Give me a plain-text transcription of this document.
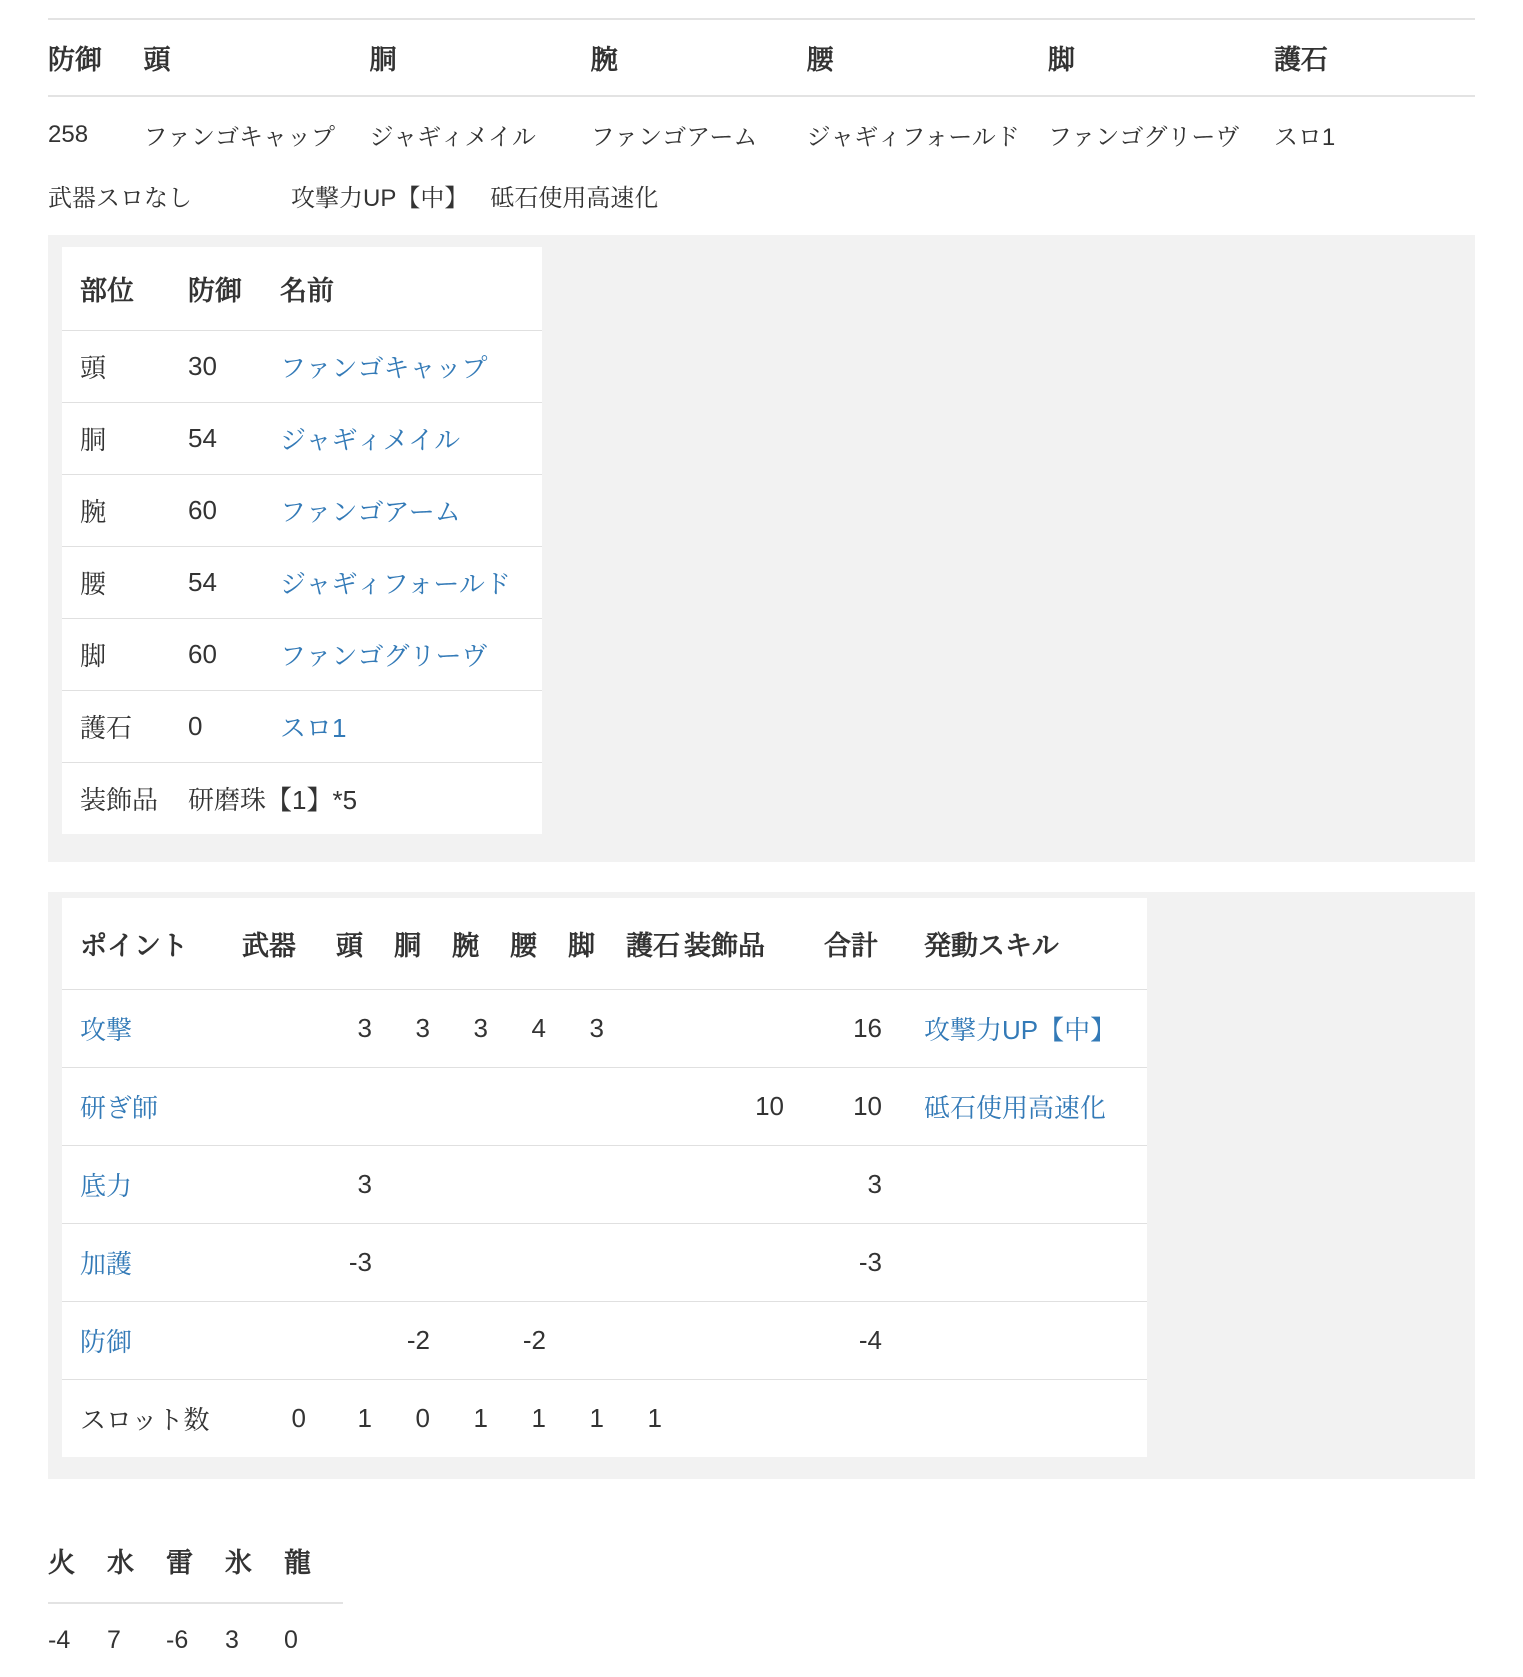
防御	頭	胴	腕	腰	脚	護石
258	ファンゴキャップ	ジャギィメイル	ファンゴアーム	ジャギィフォールド	ファンゴグリーヴ	スロ1
武器スロなし	攻撃力UP【中】 砥石使用高速化
部位	防御	名前
頭	30	ファンゴキャップ
胴	54	ジャギィメイル
腕	60	ファンゴアーム
腰	54	ジャギィフォールド
脚	60	ファンゴグリーヴ
護石	0	スロ1
装飾品	研磨珠【1】*5	
ポイント	武器	頭	胴	腕	腰	脚	護石	装飾品	合計	発動スキル
攻撃		3	3	3	4	3			16	攻撃力UP【中】
研ぎ師								10	10	砥石使用高速化
底力		3							3	
加護		-3							-3	
防御			-2		-2				-4	
スロット数	0	1	0	1	1	1	1			
火	水	雷	氷	龍
-4	7	-6	3	0
